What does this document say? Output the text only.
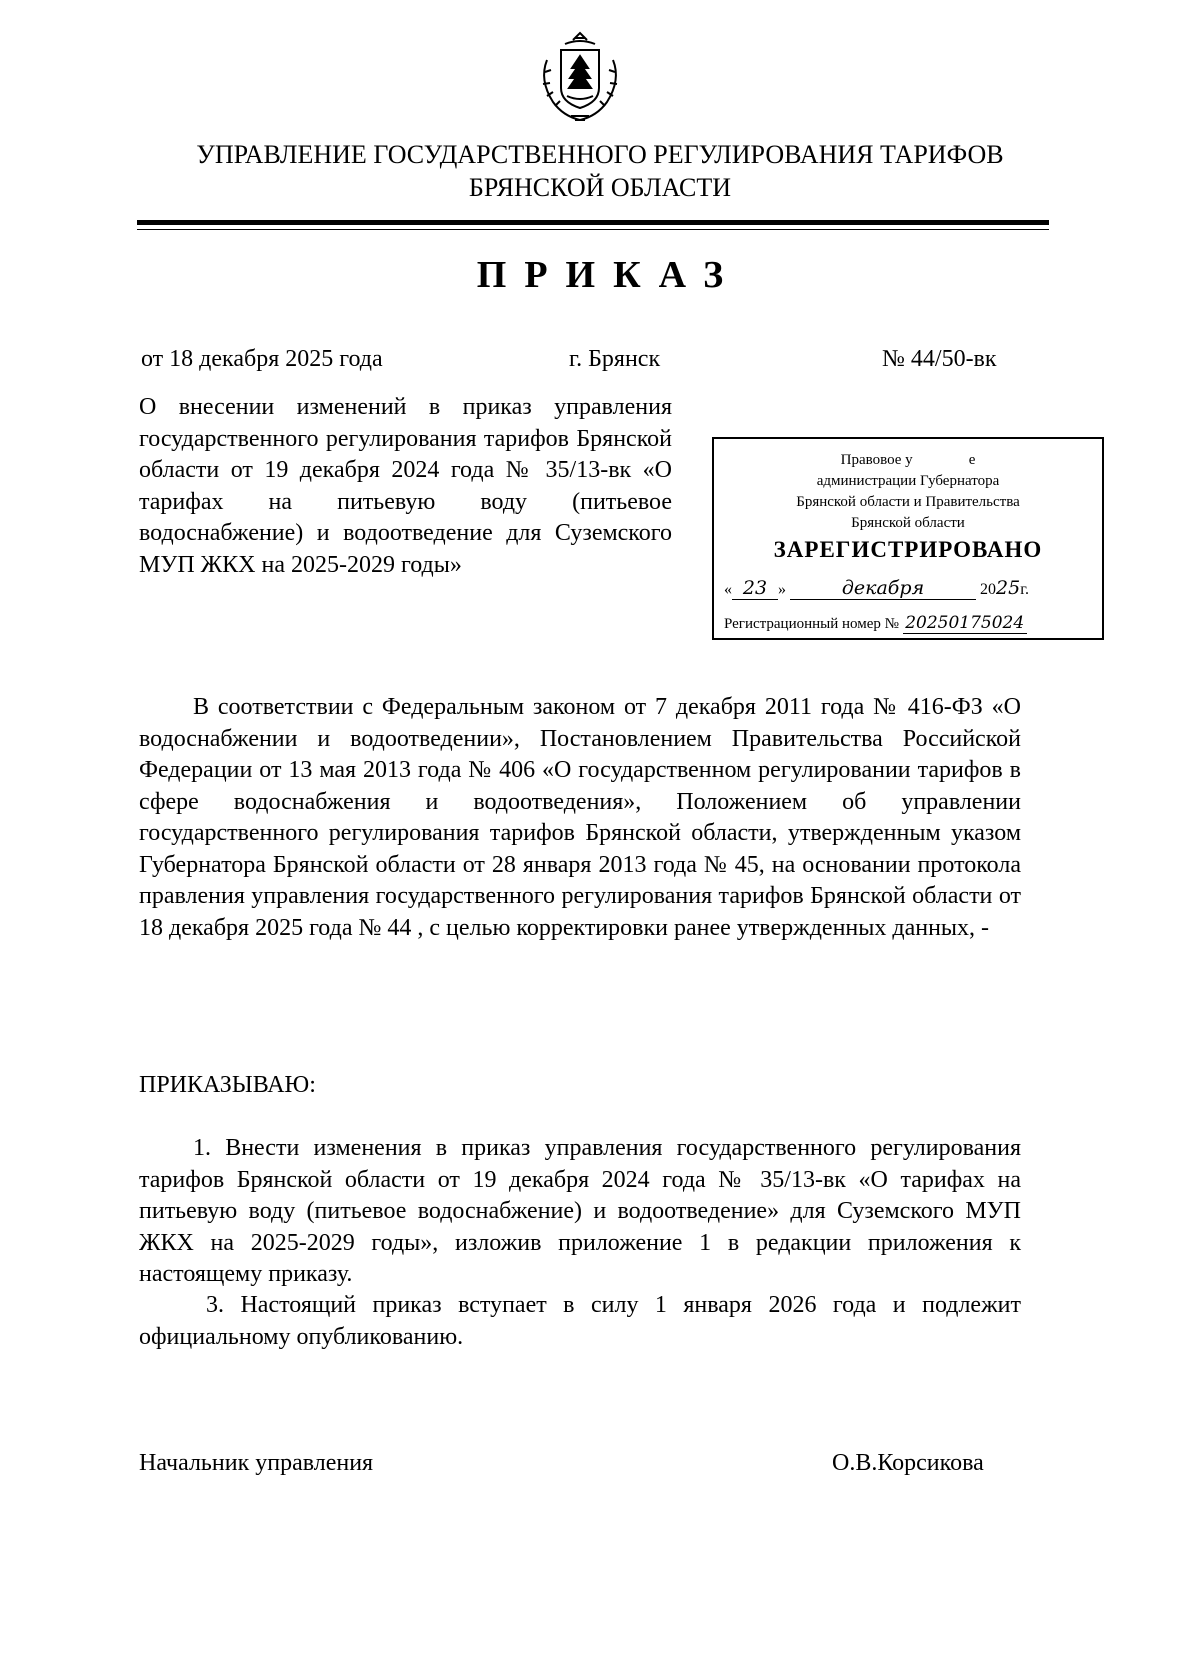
УПРАВЛЕНИЕ ГОСУДАРСТВЕННОГО РЕГУЛИРОВАНИЯ ТАРИФОВ
БРЯНСКОЙ ОБЛАСТИ
ПРИКАЗ
от 18 декабря 2025 года	г. Брянск	№ 44/50-вк
О внесении изменений в приказ управления государственного регулирования тарифов Брянской области от 19 декабря 2024 года № 35/13-вк «О тарифах на питьевую воду (питьевое водоснабжение) и водоотведение для Суземского МУП ЖКХ на 2025-2029 годы»
Правовое у	е
администрации Губернатора
Брянской области и Правительства
Брянской области
ЗАРЕГИСТРИРОВАНО
« 23 »	декабря	2025г.
Регистрационный номер № 20250175024
В соответствии с Федеральным законом от 7 декабря 2011 года № 416-ФЗ «О водоснабжении и водоотведении», Постановлением Правительства Российской Федерации от 13 мая 2013 года № 406 «О государственном регулировании тарифов в сфере водоснабжения и водоотведения», Положением об управлении государственного регулирования тарифов Брянской области, утвержденным указом Губернатора Брянской области от 28 января 2013 года № 45, на основании протокола правления управления государственного регулирования тарифов Брянской области от 18 декабря 2025 года № 44 , с целью корректировки ранее утвержденных данных, -
ПРИКАЗЫВАЮ:
1. Внести изменения в приказ управления государственного регулирования тарифов Брянской области от 19 декабря 2024 года № 35/13-вк «О тарифах на питьевую воду (питьевое водоснабжение) и водоотведение» для Суземского МУП ЖКХ на 2025-2029 годы», изложив приложение 1 в редакции приложения к настоящему приказу.
3. Настоящий приказ вступает в силу 1 января 2026 года и подлежит официальному опубликованию.
Начальник управления	О.В.Корсикова
